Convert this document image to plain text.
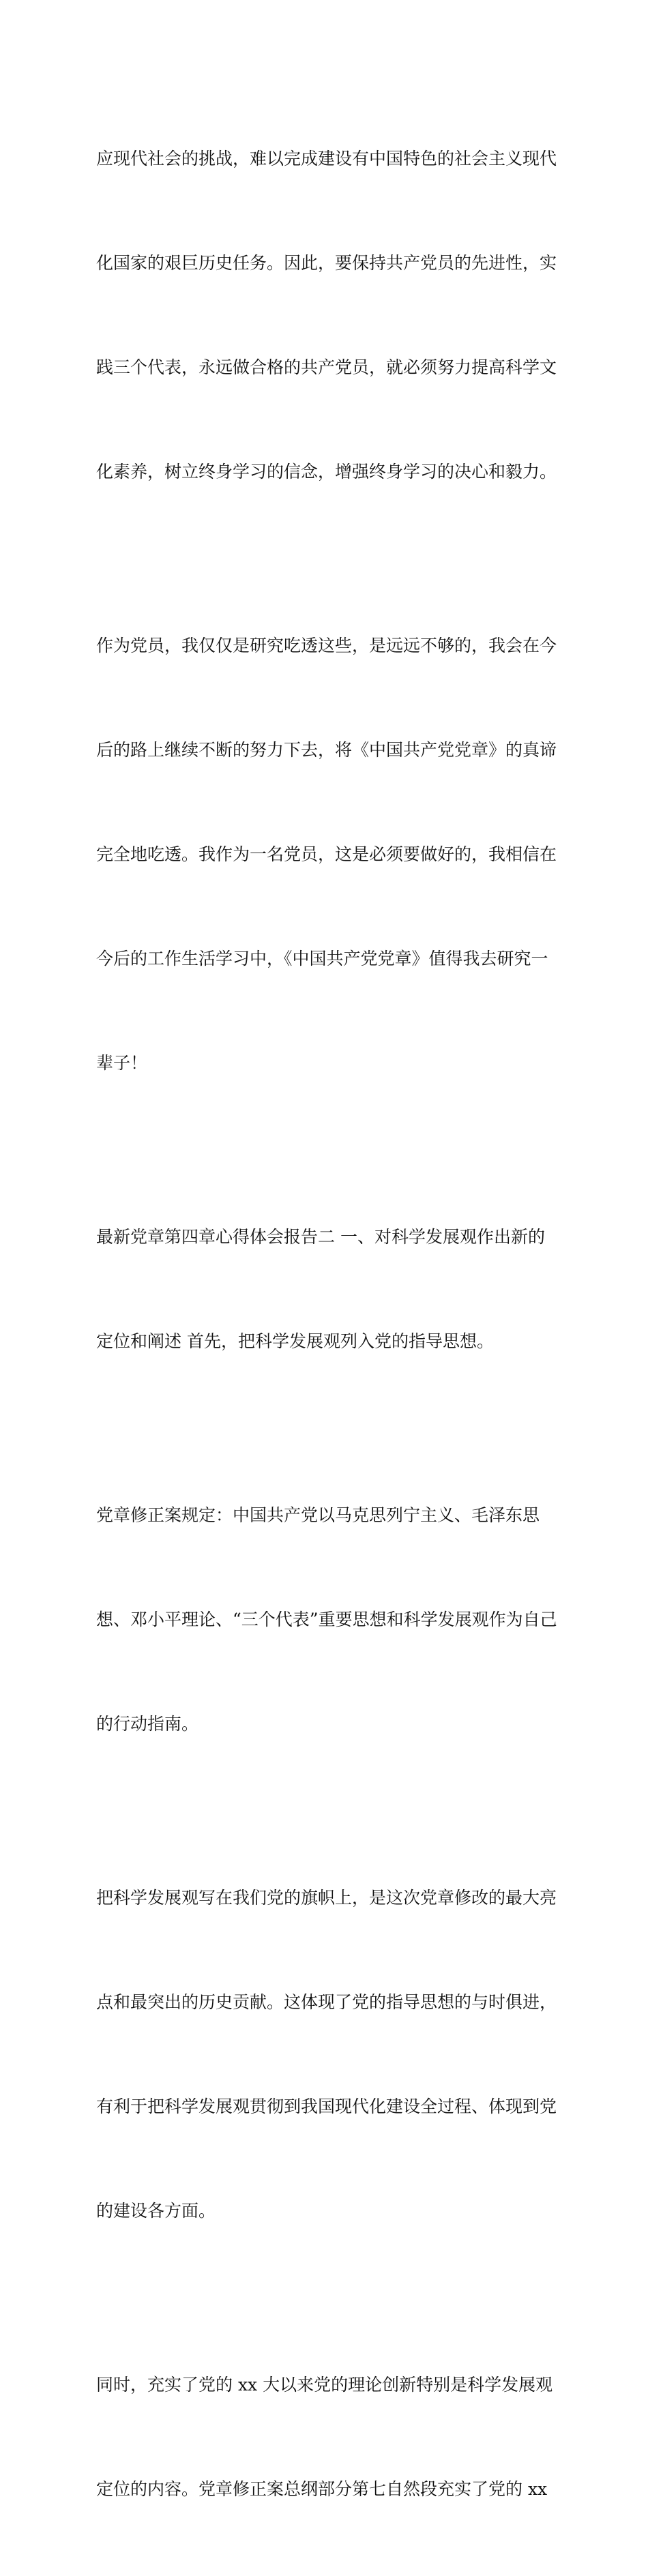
应现代社会的挑战，难以完成建设有中国特色的社会主义现代

化国家的艰巨历史任务。因此，要保持共产党员的先进性，实

践三个代表，永远做合格的共产党员，就必须努力提高科学文

化素养，树立终身学习的信念，增强终身学习的决心和毅力。

作为党员，我仅仅是研究吃透这些，是远远不够的，我会在今

后的路上继续不断的努力下去，将《中国共产党党章》的真谛

完全地吃透。我作为一名党员，这是必须要做好的，我相信在

今后的工作生活学习中，《中国共产党党章》值得我去研究一

辈子！

最新党章第四章心得体会报告二 一、对科学发展观作出新的

定位和阐述 首先，把科学发展观列入党的指导思想。

党章修正案规定：中国共产党以马克思列宁主义、毛泽东思

想、邓小平理论、“三个代表”重要思想和科学发展观作为自己

的行动指南。

把科学发展观写在我们党的旗帜上，是这次党章修改的最大亮

点和最突出的历史贡献。这体现了党的指导思想的与时俱进，

有利于把科学发展观贯彻到我国现代化建设全过程、体现到党

的建设各方面。

同时，充实了党的 xx 大以来党的理论创新特别是科学发展观

定位的内容。党章修正案总纲部分第七自然段充实了党的 xx
